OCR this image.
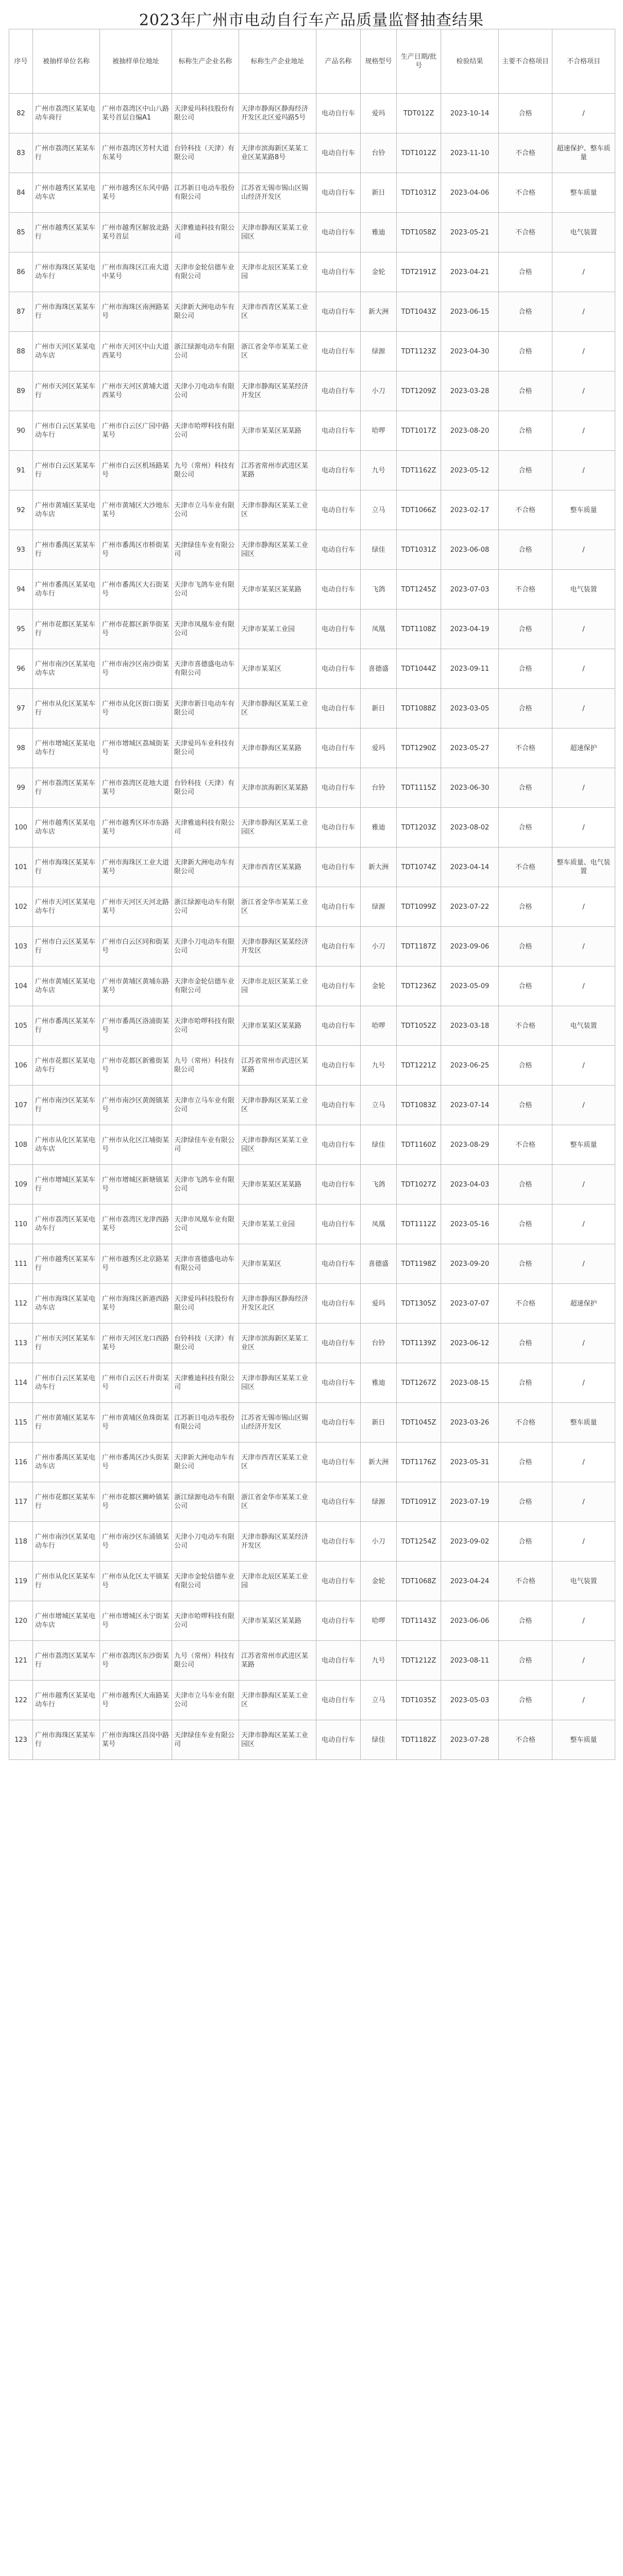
2023年广州市电动自行车产品质量监督抽查结果
序号	被抽样单位名称	被抽样单位地址	标称生产企业名称	标称生产企业地址	产品名称	规格型号	生产日期/批号	检验结果	主要不合格项目	不合格项目
82	广州市荔湾区某某电动车商行	广州市荔湾区中山八路某号首层自编A1	天津爱玛科技股份有限公司	天津市静海区静海经济开发区北区爱玛路5号	电动自行车	爱玛	TDT012Z	2023-10-14	合格	/
83	广州市荔湾区某某车行	广州市荔湾区芳村大道东某号	台铃科技（天津）有限公司	天津市滨海新区某某工业区某某路8号	电动自行车	台铃	TDT1012Z	2023-11-10	不合格	超速保护、整车质量
84	广州市越秀区某某电动车店	广州市越秀区东风中路某号	江苏新日电动车股份有限公司	江苏省无锡市锡山区锡山经济开发区	电动自行车	新日	TDT1031Z	2023-04-06	不合格	整车质量
85	广州市越秀区某某车行	广州市越秀区解放北路某号首层	天津雅迪科技有限公司	天津市静海区某某工业园区	电动自行车	雅迪	TDT1058Z	2023-05-21	不合格	电气装置
86	广州市海珠区某某电动车行	广州市海珠区江南大道中某号	天津市金轮信德车业有限公司	天津市北辰区某某工业园	电动自行车	金轮	TDT2191Z	2023-04-21	合格	/
87	广州市海珠区某某车行	广州市海珠区南洲路某号	天津新大洲电动车有限公司	天津市西青区某某工业区	电动自行车	新大洲	TDT1043Z	2023-06-15	合格	/
88	广州市天河区某某电动车店	广州市天河区中山大道西某号	浙江绿源电动车有限公司	浙江省金华市某某工业区	电动自行车	绿源	TDT1123Z	2023-04-30	合格	/
89	广州市天河区某某车行	广州市天河区黄埔大道西某号	天津小刀电动车有限公司	天津市静海区某某经济开发区	电动自行车	小刀	TDT1209Z	2023-03-28	合格	/
90	广州市白云区某某电动车行	广州市白云区广园中路某号	天津市哈啰科技有限公司	天津市某某区某某路	电动自行车	哈啰	TDT1017Z	2023-08-20	合格	/
91	广州市白云区某某车行	广州市白云区机场路某号	九号（常州）科技有限公司	江苏省常州市武进区某某路	电动自行车	九号	TDT1162Z	2023-05-12	合格	/
92	广州市黄埔区某某电动车店	广州市黄埔区大沙地东某号	天津市立马车业有限公司	天津市静海区某某工业区	电动自行车	立马	TDT1066Z	2023-02-17	不合格	整车质量
93	广州市番禺区某某车行	广州市番禺区市桥街某号	天津绿佳车业有限公司	天津市静海区某某工业园区	电动自行车	绿佳	TDT1031Z	2023-06-08	合格	/
94	广州市番禺区某某电动车行	广州市番禺区大石街某号	天津市飞鸽车业有限公司	天津市某某区某某路	电动自行车	飞鸽	TDT1245Z	2023-07-03	不合格	电气装置
95	广州市花都区某某车行	广州市花都区新华街某号	天津市凤凰车业有限公司	天津市某某工业园	电动自行车	凤凰	TDT1108Z	2023-04-19	合格	/
96	广州市南沙区某某电动车店	广州市南沙区南沙街某号	天津市喜德盛电动车有限公司	天津市某某区	电动自行车	喜德盛	TDT1044Z	2023-09-11	合格	/
97	广州市从化区某某车行	广州市从化区街口街某号	天津市新日电动车有限公司	天津市静海区某某工业区	电动自行车	新日	TDT1088Z	2023-03-05	合格	/
98	广州市增城区某某电动车行	广州市增城区荔城街某号	天津爱玛车业科技有限公司	天津市静海区某某路	电动自行车	爱玛	TDT1290Z	2023-05-27	不合格	超速保护
99	广州市荔湾区某某车行	广州市荔湾区花地大道某号	台铃科技（天津）有限公司	天津市滨海新区某某路	电动自行车	台铃	TDT1115Z	2023-06-30	合格	/
100	广州市越秀区某某电动车店	广州市越秀区环市东路某号	天津雅迪科技有限公司	天津市静海区某某工业园区	电动自行车	雅迪	TDT1203Z	2023-08-02	合格	/
101	广州市海珠区某某车行	广州市海珠区工业大道某号	天津新大洲电动车有限公司	天津市西青区某某路	电动自行车	新大洲	TDT1074Z	2023-04-14	不合格	整车质量、电气装置
102	广州市天河区某某电动车行	广州市天河区天河北路某号	浙江绿源电动车有限公司	浙江省金华市某某工业区	电动自行车	绿源	TDT1099Z	2023-07-22	合格	/
103	广州市白云区某某车行	广州市白云区同和街某号	天津小刀电动车有限公司	天津市静海区某某经济开发区	电动自行车	小刀	TDT1187Z	2023-09-06	合格	/
104	广州市黄埔区某某电动车店	广州市黄埔区黄埔东路某号	天津市金轮信德车业有限公司	天津市北辰区某某工业园	电动自行车	金轮	TDT1236Z	2023-05-09	合格	/
105	广州市番禺区某某车行	广州市番禺区洛浦街某号	天津市哈啰科技有限公司	天津市某某区某某路	电动自行车	哈啰	TDT1052Z	2023-03-18	不合格	电气装置
106	广州市花都区某某电动车行	广州市花都区新雅街某号	九号（常州）科技有限公司	江苏省常州市武进区某某路	电动自行车	九号	TDT1221Z	2023-06-25	合格	/
107	广州市南沙区某某车行	广州市南沙区黄阁镇某号	天津市立马车业有限公司	天津市静海区某某工业区	电动自行车	立马	TDT1083Z	2023-07-14	合格	/
108	广州市从化区某某电动车店	广州市从化区江埔街某号	天津绿佳车业有限公司	天津市静海区某某工业园区	电动自行车	绿佳	TDT1160Z	2023-08-29	不合格	整车质量
109	广州市增城区某某车行	广州市增城区新塘镇某号	天津市飞鸽车业有限公司	天津市某某区某某路	电动自行车	飞鸽	TDT1027Z	2023-04-03	合格	/
110	广州市荔湾区某某电动车行	广州市荔湾区龙津西路某号	天津市凤凰车业有限公司	天津市某某工业园	电动自行车	凤凰	TDT1112Z	2023-05-16	合格	/
111	广州市越秀区某某车行	广州市越秀区北京路某号	天津市喜德盛电动车有限公司	天津市某某区	电动自行车	喜德盛	TDT1198Z	2023-09-20	合格	/
112	广州市海珠区某某电动车店	广州市海珠区新港西路某号	天津爱玛科技股份有限公司	天津市静海区静海经济开发区北区	电动自行车	爱玛	TDT1305Z	2023-07-07	不合格	超速保护
113	广州市天河区某某车行	广州市天河区龙口西路某号	台铃科技（天津）有限公司	天津市滨海新区某某工业区	电动自行车	台铃	TDT1139Z	2023-06-12	合格	/
114	广州市白云区某某电动车行	广州市白云区石井街某号	天津雅迪科技有限公司	天津市静海区某某工业园区	电动自行车	雅迪	TDT1267Z	2023-08-15	合格	/
115	广州市黄埔区某某车行	广州市黄埔区鱼珠街某号	江苏新日电动车股份有限公司	江苏省无锡市锡山区锡山经济开发区	电动自行车	新日	TDT1045Z	2023-03-26	不合格	整车质量
116	广州市番禺区某某电动车店	广州市番禺区沙头街某号	天津新大洲电动车有限公司	天津市西青区某某工业区	电动自行车	新大洲	TDT1176Z	2023-05-31	合格	/
117	广州市花都区某某车行	广州市花都区狮岭镇某号	浙江绿源电动车有限公司	浙江省金华市某某工业区	电动自行车	绿源	TDT1091Z	2023-07-19	合格	/
118	广州市南沙区某某电动车行	广州市南沙区东涌镇某号	天津小刀电动车有限公司	天津市静海区某某经济开发区	电动自行车	小刀	TDT1254Z	2023-09-02	合格	/
119	广州市从化区某某车行	广州市从化区太平镇某号	天津市金轮信德车业有限公司	天津市北辰区某某工业园	电动自行车	金轮	TDT1068Z	2023-04-24	不合格	电气装置
120	广州市增城区某某电动车店	广州市增城区永宁街某号	天津市哈啰科技有限公司	天津市某某区某某路	电动自行车	哈啰	TDT1143Z	2023-06-06	合格	/
121	广州市荔湾区某某车行	广州市荔湾区东沙街某号	九号（常州）科技有限公司	江苏省常州市武进区某某路	电动自行车	九号	TDT1212Z	2023-08-11	合格	/
122	广州市越秀区某某电动车行	广州市越秀区大南路某号	天津市立马车业有限公司	天津市静海区某某工业区	电动自行车	立马	TDT1035Z	2023-05-03	合格	/
123	广州市海珠区某某车行	广州市海珠区昌岗中路某号	天津绿佳车业有限公司	天津市静海区某某工业园区	电动自行车	绿佳	TDT1182Z	2023-07-28	不合格	整车质量
